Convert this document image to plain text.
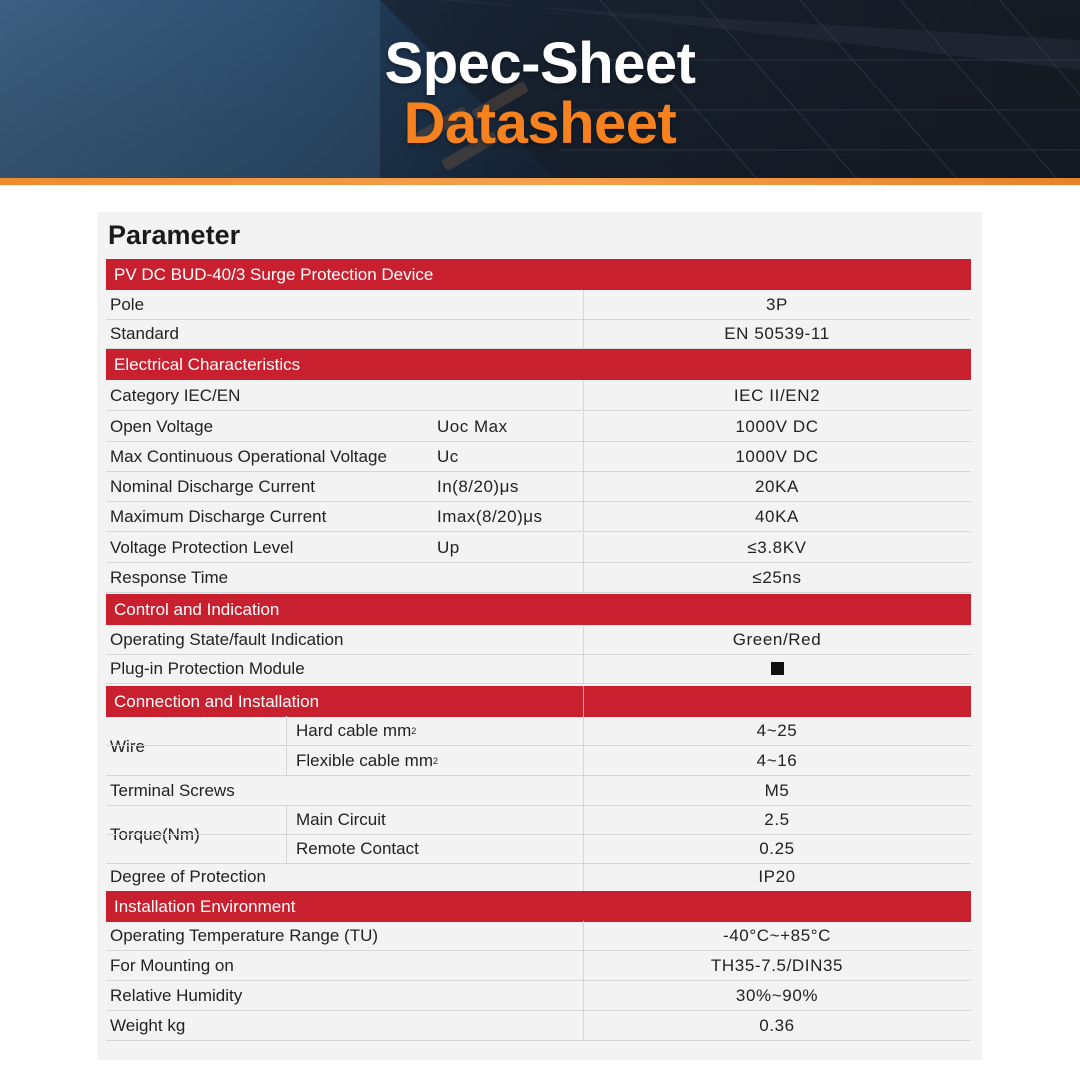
Spec-Sheet
Datasheet
Parameter
PV DC BUD-40/3 Surge Protection Device
Pole	3P
Standard	EN 50539-11
Electrical Characteristics
Category IEC/EN	IEC II/EN2
Open Voltage	Uoc Max	1000V DC
Max Continuous Operational Voltage	Uc	1000V DC
Nominal Discharge Current	In(8/20)μs	20KA
Maximum Discharge Current	Imax(8/20)μs	40KA
Voltage Protection Level	Up	≤3.8KV
Response Time	≤25ns
Control and Indication
Operating State/fault Indication	Green/Red
Plug-in Protection Module
Connection and Installation
Wire
Hard cable mm 2	4~25
Flexible cable mm 2	4~16
Terminal Screws	M5
Torque(Nm)
Main Circuit	2.5
Remote Contact	0.25
Degree of Protection	IP20
Installation Environment
Operating Temperature Range (TU)	-40°C~+85°C
For Mounting on	TH35-7.5/DIN35
Relative Humidity	30%~90%
Weight kg	0.36
